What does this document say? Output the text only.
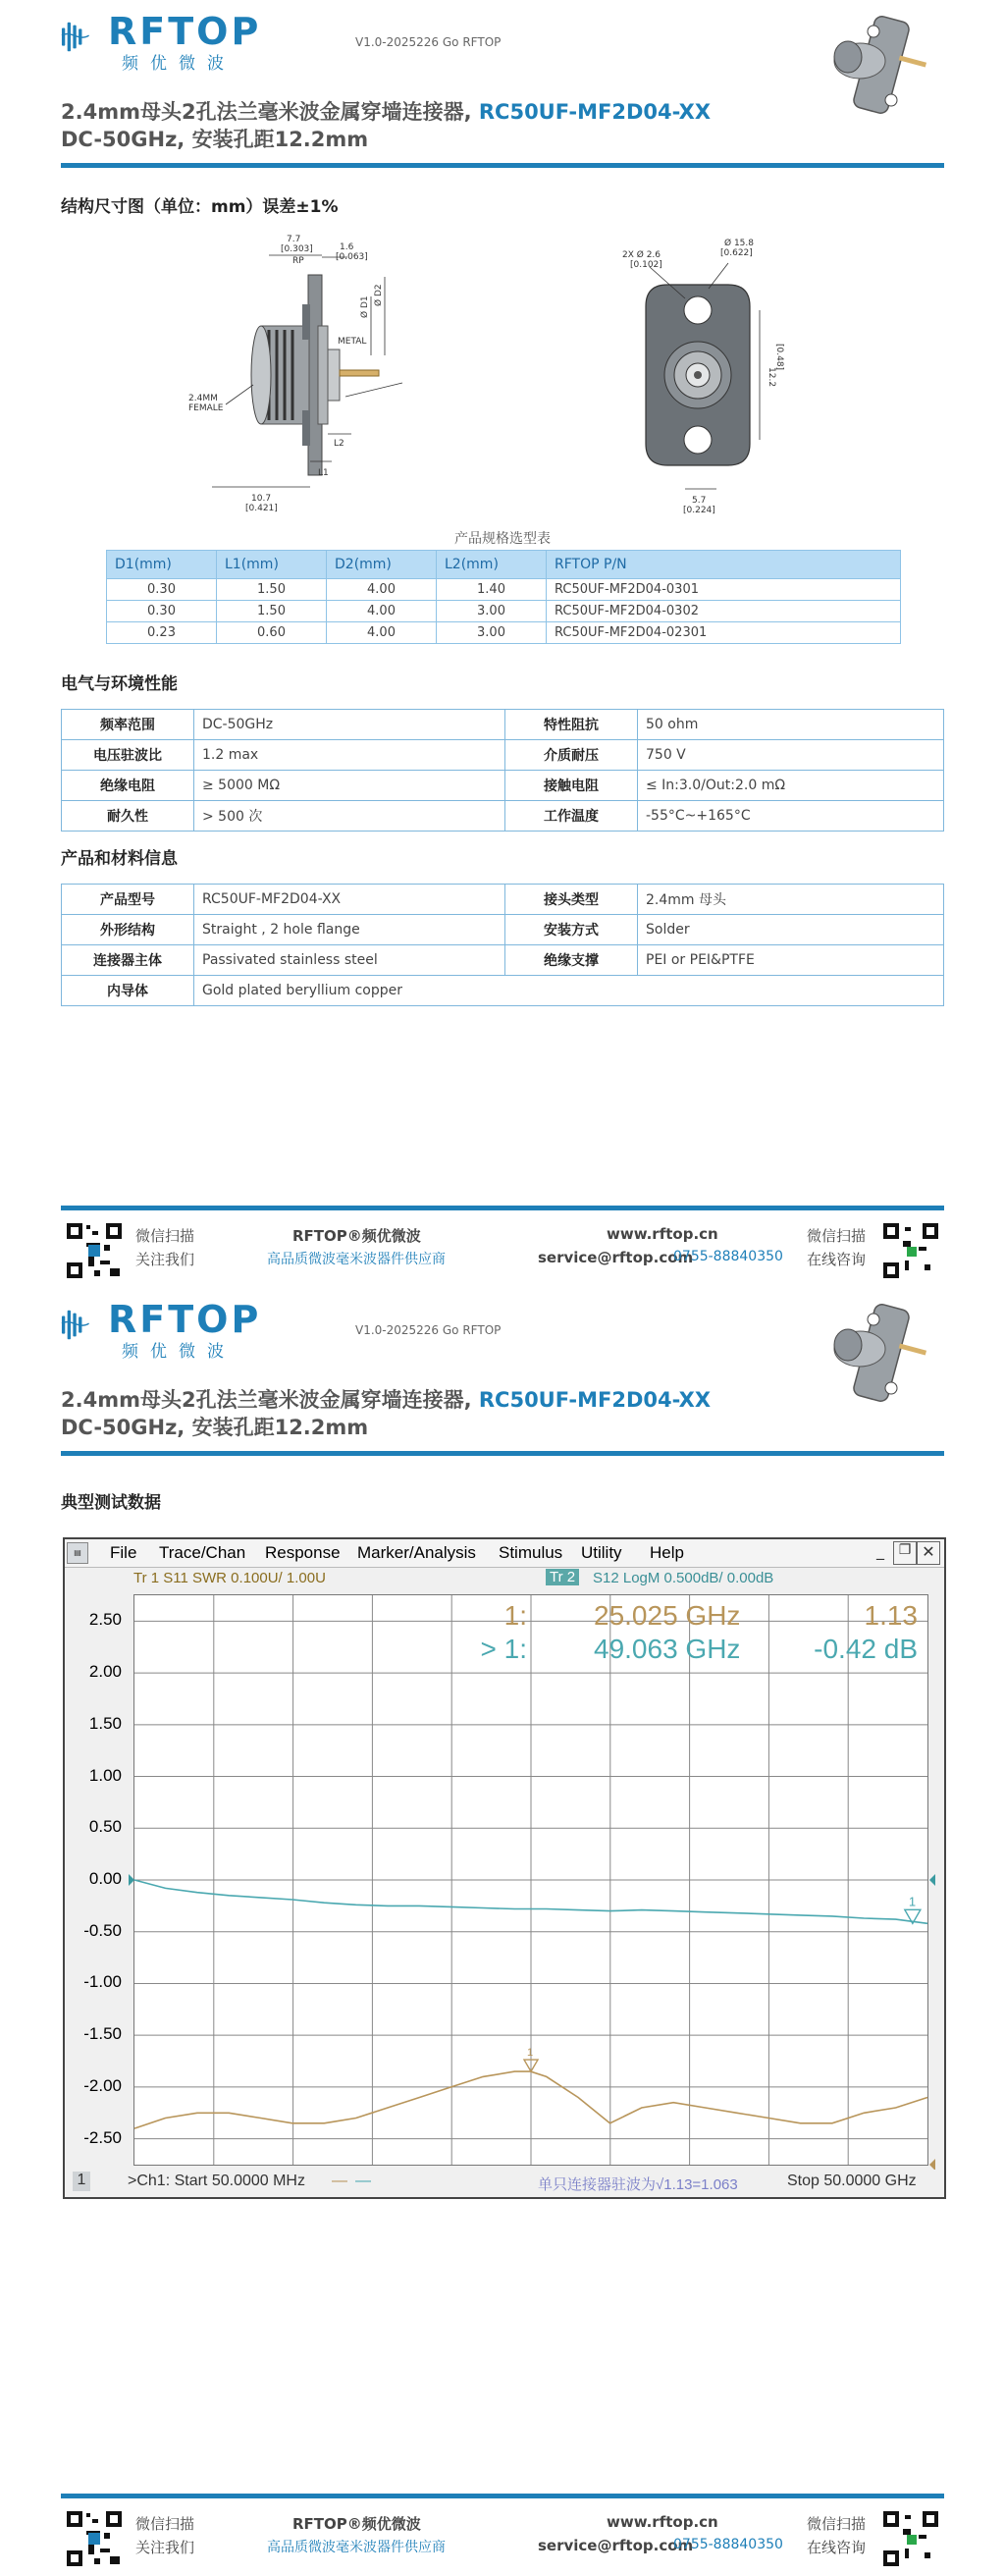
RFTOP
频优微波
V1.0-2025226 Go RFTOP
2.4mm母头2孔法兰毫米波金属穿墙连接器, RC50UF-MF2D04-XX
DC-50GHz, 安装孔距12.2mm
结构尺寸图（单位：mm）误差±1%
7.7
[0.303]
RP
1.6
[0.063]
Ø D1
Ø D2
METAL
2.4MM
FEMALE
L2
L1
10.7
[0.421]
2X Ø 2.6
[0.102]
Ø 15.8
[0.622]
12.2
[0.48]
5.7
[0.224]
产品规格选型表
D1(mm)	L1(mm)	D2(mm)	L2(mm)	RFTOP P/N
0.30	1.50	4.00	1.40	RC50UF-MF2D04-0301
0.30	1.50	4.00	3.00	RC50UF-MF2D04-0302
0.23	0.60	4.00	3.00	RC50UF-MF2D04-02301
电气与环境性能
频率范围	DC-50GHz	特性阻抗	50 ohm
电压驻波比	1.2 max	介质耐压	750 V
绝缘电阻	≥ 5000 MΩ	接触电阻	≤ In:3.0/Out:2.0 mΩ
耐久性	> 500 次	工作温度	-55°C~+165°C
产品和材料信息
产品型号	RC50UF-MF2D04-XX	接头类型	2.4mm 母头
外形结构	Straight , 2 hole flange	安装方式	Solder
连接器主体	Passivated stainless steel	绝缘支撑	PEI or PEI&PTFE
内导体	Gold plated beryllium copper		
微信扫描
关注我们
RFTOP®频优微波
高品质微波毫米波器件供应商
www.rftop.cn
service@rftop.com
0755-88840350
微信扫描
在线咨询
RFTOP
频优微波
V1.0-2025226 Go RFTOP
2.4mm母头2孔法兰毫米波金属穿墙连接器, RC50UF-MF2D04-XX
DC-50GHz, 安装孔距12.2mm
典型测试数据
▤	File Trace/Chan Response Marker/Analysis Stimulus Utility Help	_	❐ ✕
Tr 1 S11 SWR 0.100U/ 1.00U	Tr 2 S12 LogM 0.500dB/ 0.00dB
1
1
1: 25.025 GHz	1.13
> 1: 49.063 GHz	-0.42 dB
2.50
2.00
1.50
1.00
0.50
0.00
-0.50
-1.00
-1.50
-2.00
-2.50
1	>Ch1: Start 50.0000 MHz — —	单只连接器驻波为√1.13=1.063	Stop 50.0000 GHz
微信扫描
关注我们
RFTOP®频优微波
高品质微波毫米波器件供应商
www.rftop.cn
service@rftop.com
0755-88840350
微信扫描
在线咨询
